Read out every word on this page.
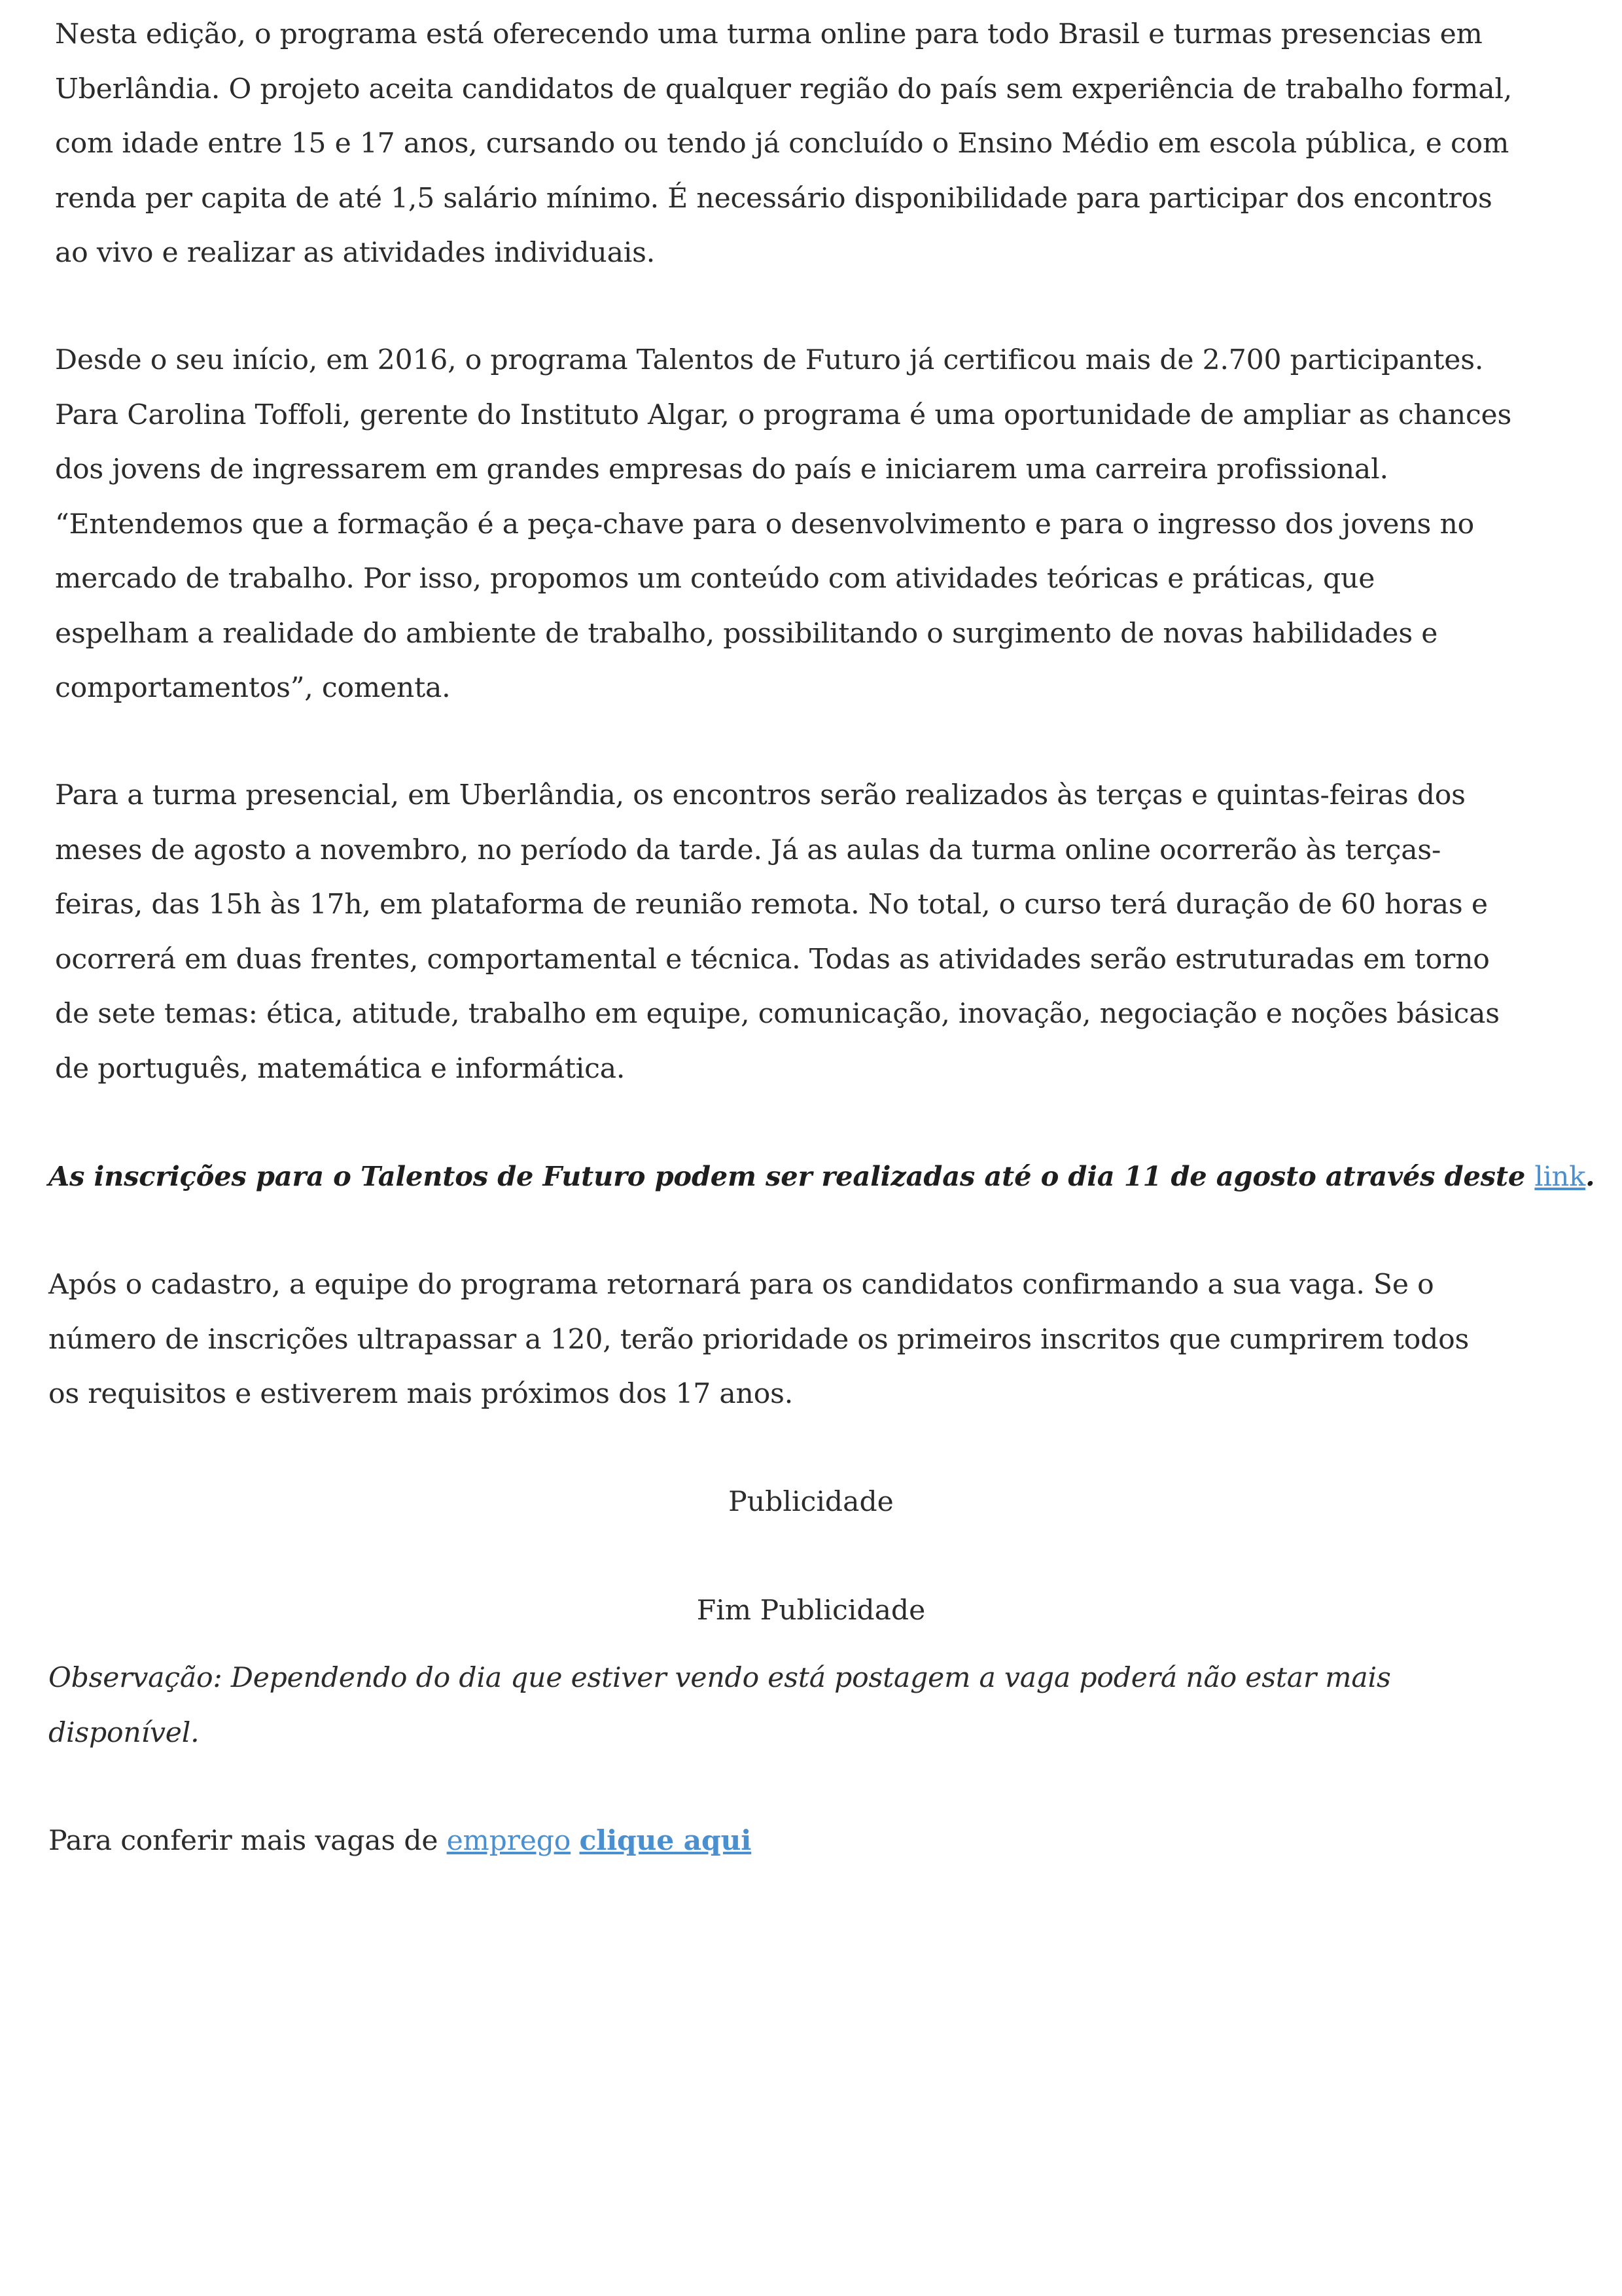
Nesta edição, o programa está oferecendo uma turma online para todo Brasil e turmas presencias em
Uberlândia. O projeto aceita candidatos de qualquer região do país sem experiência de trabalho formal,
com idade entre 15 e 17 anos, cursando ou tendo já concluído o Ensino Médio em escola pública, e com
renda per capita de até 1,5 salário mínimo. É necessário disponibilidade para participar dos encontros
ao vivo e realizar as atividades individuais.

Desde o seu início, em 2016, o programa Talentos de Futuro já certificou mais de 2.700 participantes.
Para Carolina Toffoli, gerente do Instituto Algar, o programa é uma oportunidade de ampliar as chances
dos jovens de ingressarem em grandes empresas do país e iniciarem uma carreira profissional.
“Entendemos que a formação é a peça-chave para o desenvolvimento e para o ingresso dos jovens no
mercado de trabalho. Por isso, propomos um conteúdo com atividades teóricas e práticas, que
espelham a realidade do ambiente de trabalho, possibilitando o surgimento de novas habilidades e
comportamentos”, comenta.

Para a turma presencial, em Uberlândia, os encontros serão realizados às terças e quintas-feiras dos
meses de agosto a novembro, no período da tarde. Já as aulas da turma online ocorrerão às terças-
feiras, das 15h às 17h, em plataforma de reunião remota. No total, o curso terá duração de 60 horas e
ocorrerá em duas frentes, comportamental e técnica. Todas as atividades serão estruturadas em torno
de sete temas: ética, atitude, trabalho em equipe, comunicação, inovação, negociação e noções básicas
de português, matemática e informática.

As inscrições para o Talentos de Futuro podem ser realizadas até o dia 11 de agosto através deste link.

Após o cadastro, a equipe do programa retornará para os candidatos confirmando a sua vaga. Se o
número de inscrições ultrapassar a 120, terão prioridade os primeiros inscritos que cumprirem todos
os requisitos e estiverem mais próximos dos 17 anos.

Publicidade

Fim Publicidade

Observação: Dependendo do dia que estiver vendo está postagem a vaga poderá não estar mais
disponível.

Para conferir mais vagas de emprego clique aqui
